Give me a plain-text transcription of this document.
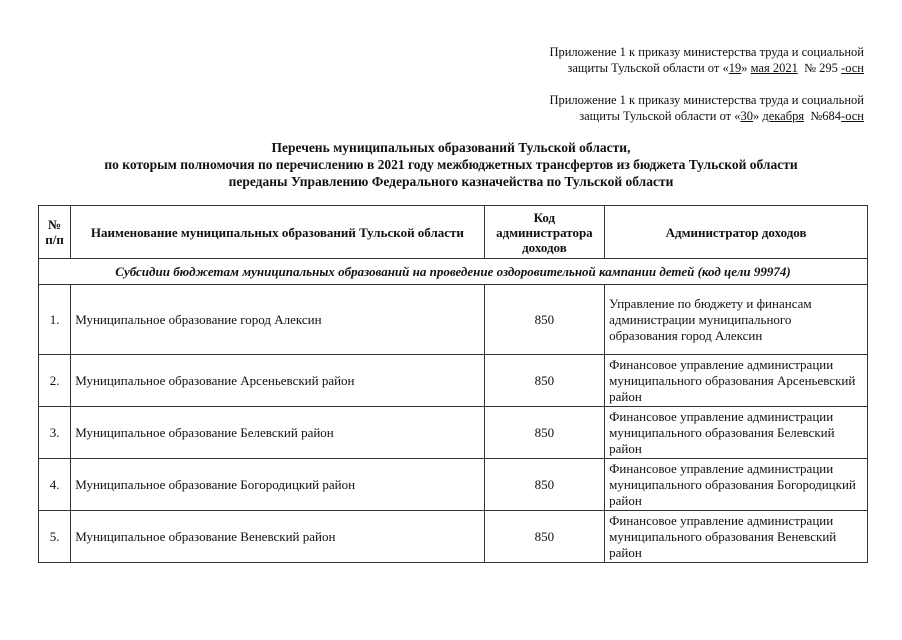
Приложение 1 к приказу министерства труда и социальной
защиты Тульской области от «19» мая 2021  № 295 -осн
Приложение 1 к приказу министерства труда и социальной
защиты Тульской области от «30» декабря  №684-осн
Перечень муниципальных образований Тульской области,
по которым полномочия по перечислению в 2021 году межбюджетных трансфертов из бюджета Тульской области
переданы Управлению Федерального казначейства по Тульской области
№ п/п	Наименование муниципальных образований Тульской области	Код администратора доходов	Администратор доходов
Субсидии бюджетам муниципальных образований на проведение оздоровительной кампании детей (код цели 99974)			
1.	Муниципальное образование город Алексин	850	Управление по бюджету и финансам администрации муниципального образования город Алексин
2.	Муниципальное образование Арсеньевский район	850	Финансовое управление администрации муниципального образования Арсеньевский район
3.	Муниципальное образование Белевский район	850	Финансовое управление администрации муниципального образования Белевский район
4.	Муниципальное образование Богородицкий район	850	Финансовое управление администрации муниципального образования Богородицкий район
5.	Муниципальное образование Веневский район	850	Финансовое управление администрации муниципального образования Веневский район
